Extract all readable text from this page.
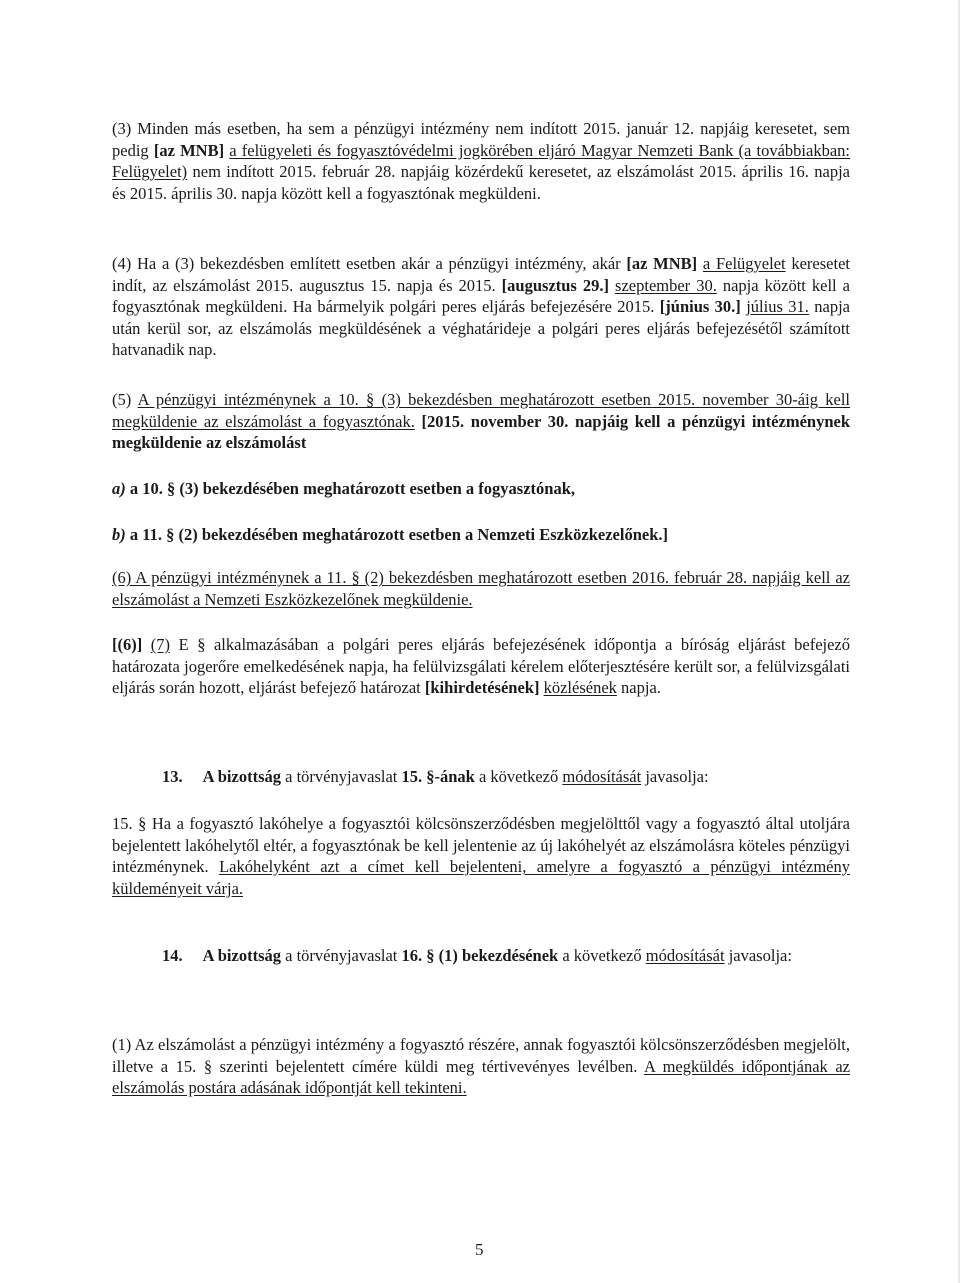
(3) Minden más esetben, ha sem a pénzügyi intézmény nem indított 2015. január 12. napjáig keresetet, sem pedig [az MNB] a felügyeleti és fogyasztóvédelmi jogkörében eljáró Magyar Nemzeti Bank (a továbbiakban: Felügyelet) nem indított 2015. február 28. napjáig közérdekű keresetet, az elszámolást 2015. április 16. napja és 2015. április 30. napja között kell a fogyasztónak megküldeni.

(4) Ha a (3) bekezdésben említett esetben akár a pénzügyi intézmény, akár [az MNB] a Felügyelet keresetet indít, az elszámolást 2015. augusztus 15. napja és 2015. [augusztus 29.] szeptember 30. napja között kell a fogyasztónak megküldeni. Ha bármelyik polgári peres eljárás befejezésére 2015. [június 30.] július 31. napja után kerül sor, az elszámolás megküldésének a véghatárideje a polgári peres eljárás befejezésétől számított hatvanadik nap.

(5) A pénzügyi intézménynek a 10. § (3) bekezdésben meghatározott esetben 2015. november 30-áig kell megküldenie az elszámolást a fogyasztónak. [2015. november 30. napjáig kell a pénzügyi intézménynek megküldenie az elszámolást

a) a 10. § (3) bekezdésében meghatározott esetben a fogyasztónak,

b) a 11. § (2) bekezdésében meghatározott esetben a Nemzeti Eszközkezelőnek.]

(6) A pénzügyi intézménynek a 11. § (2) bekezdésben meghatározott esetben 2016. február 28. napjáig kell az elszámolást a Nemzeti Eszközkezelőnek megküldenie.

[(6)] (7) E § alkalmazásában a polgári peres eljárás befejezésének időpontja a bíróság eljárást befejező határozata jogerőre emelkedésének napja, ha felülvizsgálati kérelem előterjesztésére került sor, a felülvizsgálati eljárás során hozott, eljárást befejező határozat [kihirdetésének] közlésének napja.

13. A bizottság a törvényjavaslat 15. §-ának a következő módosítását javasolja:

15. § Ha a fogyasztó lakóhelye a fogyasztói kölcsönszerződésben megjelölttől vagy a fogyasztó által utoljára bejelentett lakóhelytől eltér, a fogyasztónak be kell jelentenie az új lakóhelyét az elszámolásra köteles pénzügyi intézménynek. Lakóhelyként azt a címet kell bejelenteni, amelyre a fogyasztó a pénzügyi intézmény küldeményeit várja.

14. A bizottság a törvényjavaslat 16. § (1) bekezdésének a következő módosítását javasolja:

(1) Az elszámolást a pénzügyi intézmény a fogyasztó részére, annak fogyasztói kölcsönszerződésben megjelölt, illetve a 15. § szerinti bejelentett címére küldi meg tértivevényes levélben. A megküldés időpontjának az elszámolás postára adásának időpontját kell tekinteni.

5
